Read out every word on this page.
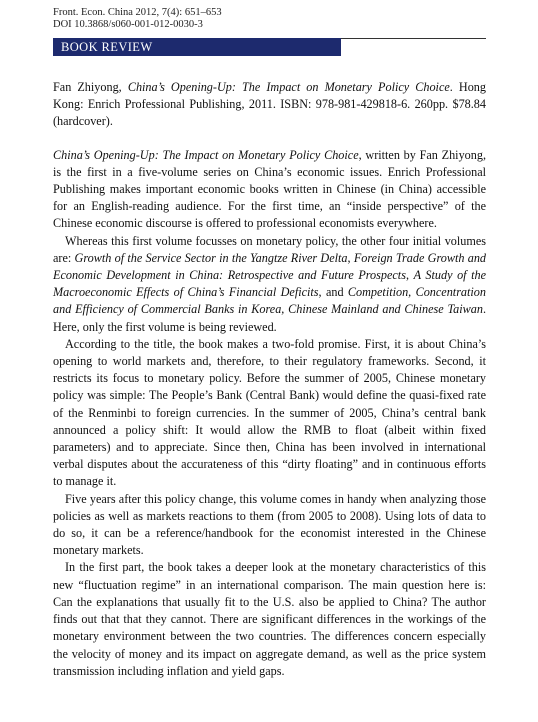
Front. Econ. China 2012, 7(4): 651–653
DOI 10.3868/s060-001-012-0030-3
BOOK REVIEW

Fan Zhiyong, China’s Opening-Up: The Impact on Monetary Policy Choice. Hong Kong: Enrich Professional Publishing, 2011. ISBN: 978-981-429818-6. 260pp. $78.84 (hardcover).

China’s Opening-Up: The Impact on Monetary Policy Choice, written by Fan Zhiyong, is the first in a five-volume series on China’s economic issues. Enrich Professional Publishing makes important economic books written in Chinese (in China) accessible for an English-reading audience. For the first time, an “inside perspective” of the Chinese economic discourse is offered to professional economists everywhere.

Whereas this first volume focusses on monetary policy, the other four initial volumes are: Growth of the Service Sector in the Yangtze River Delta, Foreign Trade Growth and Economic Development in China: Retrospective and Future Prospects, A Study of the Macroeconomic Effects of China’s Financial Deficits, and Competition, Concentration and Efficiency of Commercial Banks in Korea, Chinese Mainland and Chinese Taiwan. Here, only the first volume is being reviewed.

According to the title, the book makes a two-fold promise. First, it is about China’s opening to world markets and, therefore, to their regulatory frameworks. Second, it restricts its focus to monetary policy. Before the summer of 2005, Chinese monetary policy was simple: The People’s Bank (Central Bank) would define the quasi-fixed rate of the Renminbi to foreign currencies. In the summer of 2005, China’s central bank announced a policy shift: It would allow the RMB to float (albeit within fixed parameters) and to appreciate. Since then, China has been involved in international verbal disputes about the accurateness of this “dirty floating” and in continuous efforts to manage it.

Five years after this policy change, this volume comes in handy when analyzing those policies as well as markets reactions to them (from 2005 to 2008). Using lots of data to do so, it can be a reference/handbook for the economist interested in the Chinese monetary markets.

In the first part, the book takes a deeper look at the monetary characteristics of this new “fluctuation regime” in an international comparison. The main question here is: Can the explanations that usually fit to the U.S. also be applied to China? The author finds out that that they cannot. There are significant differences in the workings of the monetary environment between the two countries. The differences concern especially the velocity of money and its impact on aggregate demand, as well as the price system transmission including inflation and yield gaps.
